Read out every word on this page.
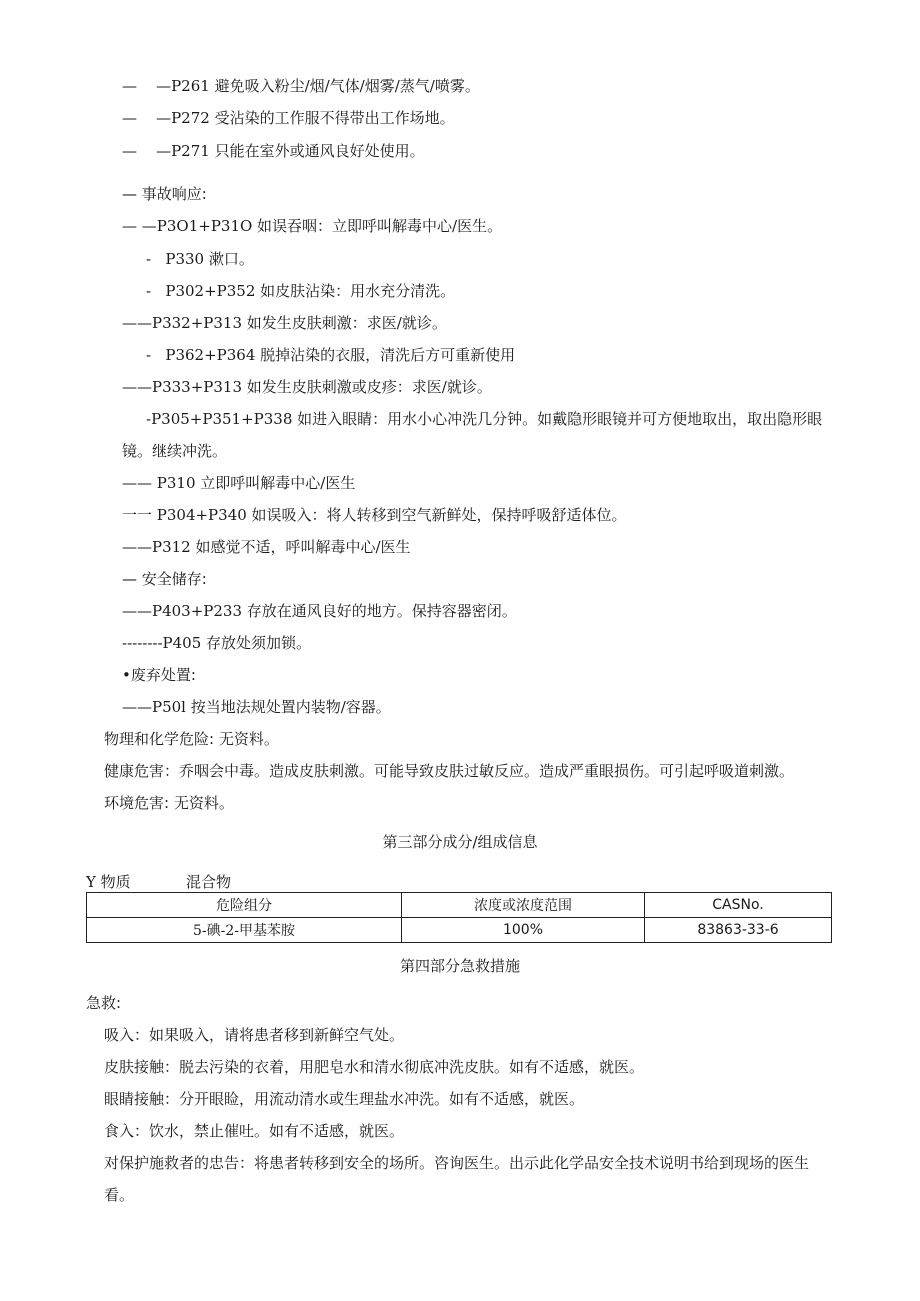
—    —P261 避免吸入粉尘/烟/气体/烟雾/蒸气/喷雾。
—    —P272 受沾染的工作服不得带出工作场地。
—    —P271 只能在室外或通风良好处使用。
— 事故响应:
— —P3O1+P31O 如误吞咽：立即呼叫解毒中心/医生。
-   P330 漱口。
-   P302+P352 如皮肤沾染：用水充分清洗。
——P332+P313 如发生皮肤刺激：求医/就诊。
-   P362+P364 脱掉沾染的衣服，清洗后方可重新使用
——P333+P313 如发生皮肤刺激或皮疹：求医/就诊。
-P305+P351+P338 如进入眼睛：用水小心冲洗几分钟。如戴隐形眼镜并可方便地取出，取出隐形眼
镜。继续冲洗。
—— P310 立即呼叫解毒中心/医生
一一 P304+P340 如误吸入：将人转移到空气新鲜处，保持呼吸舒适体位。
——P312 如感觉不适，呼叫解毒中心/医生
— 安全储存:
——P403+P233 存放在通风良好的地方。保持容器密闭。
--------P405 存放处须加锁。
•废弃处置:
——P50l 按当地法规处置内装物/容器。
物理和化学危险: 无资料。
健康危害：乔咽会中毒。造成皮肤刺激。可能导致皮肤过敏反应。造成严重眼损伤。可引起呼吸道刺激。
环境危害: 无资料。
第三部分成分/组成信息
Y 物质	混合物
危险组分	浓度或浓度范围	CASNo.
5-碘-2-甲基苯胺	100%	83863-33-6
第四部分急救措施
急救:
吸入：如果吸入，请将患者移到新鲜空气处。
皮肤接触：脱去污染的衣着，用肥皂水和清水彻底冲洗皮肤。如有不适感，就医。
眼睛接触：分开眼睑，用流动清水或生理盐水冲洗。如有不适感，就医。
食入：饮水，禁止催吐。如有不适感，就医。
对保护施救者的忠告：将患者转移到安全的场所。咨询医生。出示此化学品安全技术说明书给到现场的医生
看。
